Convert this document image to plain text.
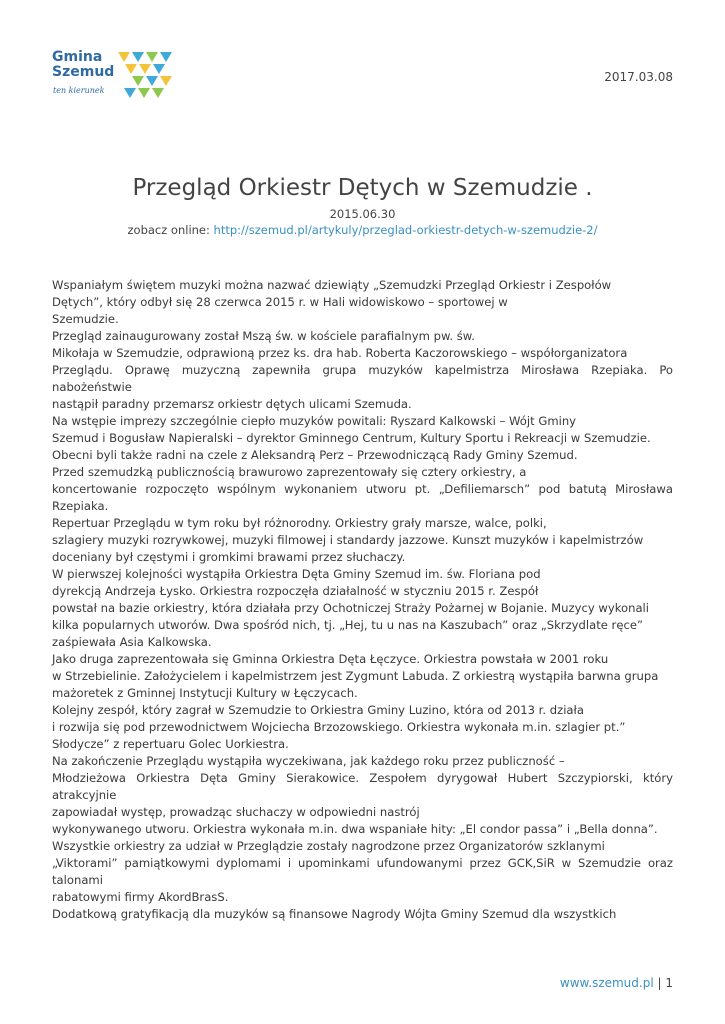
Gmina
Szemud
ten kierunek
2017.03.08
Przegląd Orkiestr Dętych w Szemudzie .
2015.06.30
zobacz online: http://szemud.pl/artykuly/przeglad-orkiestr-detych-w-szemudzie-2/

Wspaniałym świętem muzyki można nazwać dziewiąty „Szemudzki Przegląd Orkiestr i Zespołów

Dętych”, który odbył się 28 czerwca 2015 r. w Hali widowiskowo – sportowej w

Szemudzie.

Przegląd zainaugurowany został Mszą św. w kościele parafialnym pw. św.

Mikołaja w Szemudzie, odprawioną przez ks. dra hab. Roberta Kaczorowskiego – współorganizatora

Przeglądu. Oprawę muzyczną zapewniła grupa muzyków kapelmistrza Mirosława Rzepiaka. Po

nabożeństwie

nastąpił paradny przemarsz orkiestr dętych ulicami Szemuda.

Na wstępie imprezy szczególnie ciepło muzyków powitali: Ryszard Kalkowski – Wójt Gminy

Szemud i Bogusław Napieralski – dyrektor Gminnego Centrum, Kultury Sportu i Rekreacji w Szemudzie.

Obecni byli także radni na czele z Aleksandrą Perz – Przewodniczącą Rady Gminy Szemud.

Przed szemudzką publicznością brawurowo zaprezentowały się cztery orkiestry, a

koncertowanie rozpoczęto wspólnym wykonaniem utworu pt. „Defiliemarsch” pod batutą Mirosława

Rzepiaka.

Repertuar Przeglądu w tym roku był różnorodny. Orkiestry grały marsze, walce, polki,

szlagiery muzyki rozrywkowej, muzyki filmowej i standardy jazzowe. Kunszt muzyków i kapelmistrzów

doceniany był częstymi i gromkimi brawami przez słuchaczy.

W pierwszej kolejności wystąpiła Orkiestra Dęta Gminy Szemud im. św. Floriana pod

dyrekcją Andrzeja Łysko. Orkiestra rozpoczęła działalność w styczniu 2015 r. Zespół

powstał na bazie orkiestry, która działała przy Ochotniczej Straży Pożarnej w Bojanie. Muzycy wykonali

kilka popularnych utworów. Dwa spośród nich, tj. „Hej, tu u nas na Kaszubach” oraz „Skrzydlate ręce”

zaśpiewała Asia Kalkowska.

Jako druga zaprezentowała się Gminna Orkiestra Dęta Łęczyce. Orkiestra powstała w 2001 roku

w Strzebielinie. Założycielem i kapelmistrzem jest Zygmunt Labuda. Z orkiestrą wystąpiła barwna grupa

mażoretek z Gminnej Instytucji Kultury w Łęczycach.

Kolejny zespół, który zagrał w Szemudzie to Orkiestra Gminy Luzino, która od 2013 r. działa

i rozwija się pod przewodnictwem Wojciecha Brzozowskiego. Orkiestra wykonała m.in. szlagier pt.”

Słodycze” z repertuaru Golec Uorkiestra.

Na zakończenie Przeglądu wystąpiła wyczekiwana, jak każdego roku przez publiczność –

Młodzieżowa Orkiestra Dęta Gminy Sierakowice. Zespołem dyrygował Hubert Szczypiorski, który

atrakcyjnie

zapowiadał występ, prowadząc słuchaczy w odpowiedni nastrój

wykonywanego utworu. Orkiestra wykonała m.in. dwa wspaniałe hity: „El condor passa” i „Bella donna”.

Wszystkie orkiestry za udział w Przeglądzie zostały nagrodzone przez Organizatorów szklanymi

„Viktorami” pamiątkowymi dyplomami i upominkami ufundowanymi przez GCK,SiR w Szemudzie oraz

talonami

rabatowymi firmy AkordBrasS.

Dodatkową gratyfikacją dla muzyków są finansowe Nagrody Wójta Gminy Szemud dla wszystkich

www.szemud.pl | 1
